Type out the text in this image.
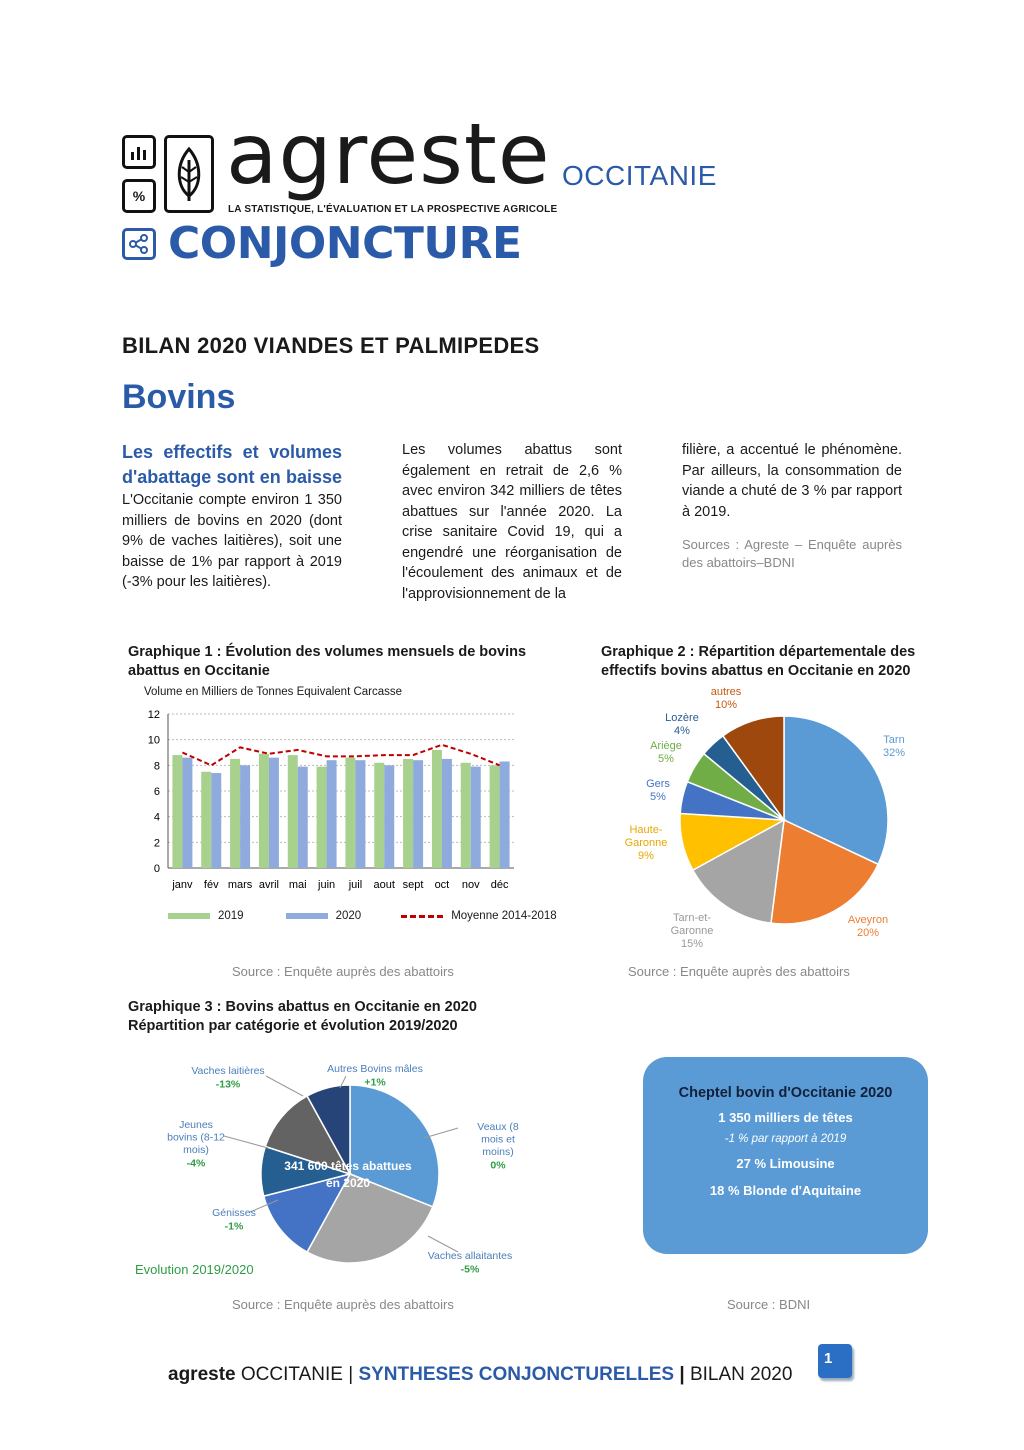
% agreste
LA STATISTIQUE, L'ÉVALUATION ET LA PROSPECTIVE AGRICOLE
OCCITANIE
CONJONCTURE
BILAN 2020 VIANDES ET PALMIPEDES
Bovins
Les effectifs et volumes d'abattage sont en baisse L'Occitanie compte environ 1 350 milliers de bovins en 2020 (dont 9% de vaches laitières), soit une baisse de 1% par rapport à 2019 (-3% pour les laitières).
Les volumes abattus sont également en retrait de 2,6 % avec environ 342 milliers de têtes abattues sur l'année 2020. La crise sanitaire Covid 19, qui a engendré une réorganisation de l'écoulement des animaux et de l'approvisionnement de la
filière, a accentué le phénomène. Par ailleurs, la consommation de viande a chuté de 3 % par rapport à 2019.
Sources : Agreste – Enquête auprès des abattoirs–BDNI
Graphique 1 : Évolution des volumes mensuels de bovins abattus en Occitanie
Volume en Milliers de Tonnes Equivalent Carcasse
0
2
4
6
8
10
12
janv fév mars avril mai juin juil aout sept oct nov déc
2019	2020	Moyenne 2014-2018
Source : Enquête auprès des abattoirs
Graphique 2 : Répartition départementale des effectifs bovins abattus en Occitanie en 2020
Tarn 32%
Aveyron 20%
Tarn-et-Garonne 15%
Haute-Garonne 9%
Gers 5%
Ariège 5%
Lozère 4%
autres 10%
Source : Enquête auprès des abattoirs
Graphique 3 : Bovins abattus en Occitanie en 2020
Répartition par catégorie et évolution 2019/2020
341 600 têtes abattues
en 2020
Veaux (8 mois et moins)
0%
Vaches allaitantes
-5%
Génisses
-1%
Jeunes bovins (8-12 mois)
-4%
Vaches laitières
-13%
Autres Bovins mâles
+1%
Evolution 2019/2020
Source : Enquête auprès des abattoirs
Cheptel bovin d'Occitanie 2020
1 350 milliers de têtes
-1 % par rapport à 2019
27 % Limousine
18 % Blonde d'Aquitaine
Source : BDNI
agreste OCCITANIE | SYNTHESES CONJONCTURELLES | BILAN 2020
1
